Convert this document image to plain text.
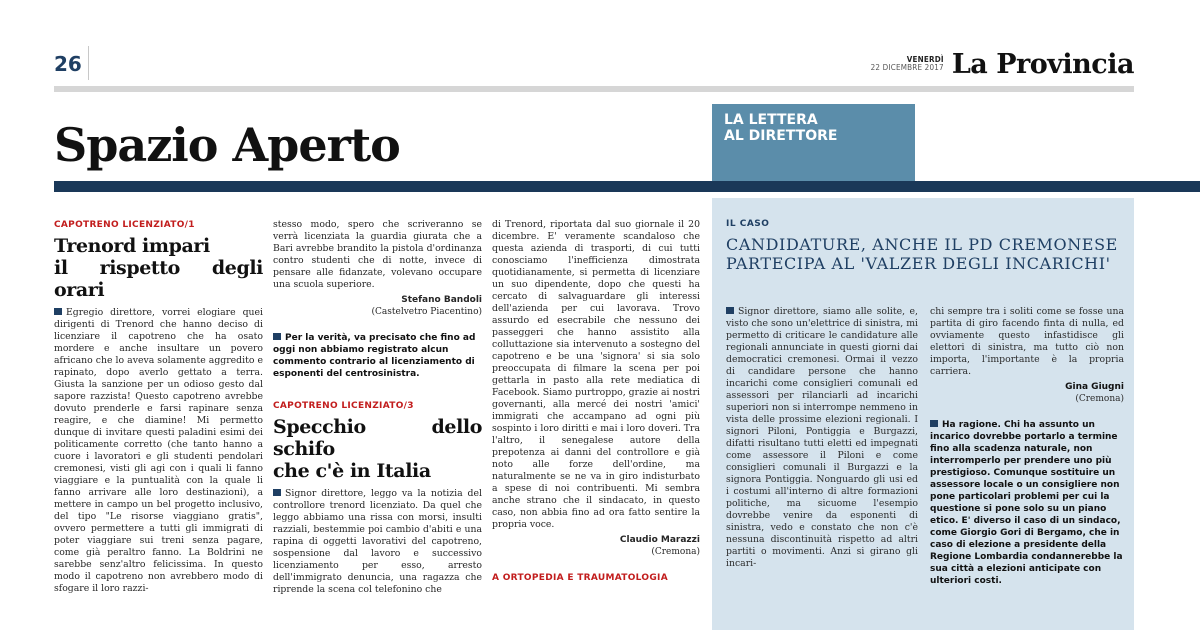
26	VENERDÌ
22 DICEMBRE 2017 La Provincia
Spazio Aperto	LA LETTERA
AL DIRETTORE
CAPOTRENO LICENZIATO/1
Trenord impari
il rispetto degli orari
Egregio direttore, vorrei elogiare quei dirigenti di Trenord che hanno deciso di licenziare il capotreno che ha osato mordere e anche insultare un povero africano che lo aveva solamente aggredito e rapinato, dopo averlo gettato a terra. Giusta la sanzione per un odioso gesto dal sapore razzista! Questo capotreno avrebbe dovuto prenderle e farsi rapinare senza reagire, e che diamine! Mi permetto dunque di invitare questi paladini esimi dei politicamente corretto (che tanto hanno a cuore i lavoratori e gli studenti pendolari cremonesi, visti gli agi con i quali li fanno viaggiare e la puntualità con la quale li fanno arrivare alle loro destinazioni), a mettere in campo un bel progetto inclusivo, del tipo "Le risorse viaggiano gratis", ovvero permettere a tutti gli immigrati di poter viaggiare sui treni senza pagare, come già peraltro fanno. La Boldrini ne sarebbe senz'altro felicissima. In questo modo il capotreno non avrebbero modo di sfogare il loro razzi-
stesso modo, spero che scriveranno se verrà licenziata la guardia giurata che a Bari avrebbe brandito la pistola d'ordinanza contro studenti che di notte, invece di pensare alle fidanzate, volevano occupare una scuola superiore.
Stefano Bandoli
(Castelvetro Piacentino)
Per la verità, va precisato che fino ad oggi non abbiamo registrato alcun commento contrario al licenziamento di esponenti del centrosinistra.
CAPOTRENO LICENZIATO/3
Specchio dello schifo
che c'è in Italia
Signor direttore, leggo va la notizia del controllore trenord licenziato. Da quel che leggo abbiamo una rissa con morsi, insulti razziali, bestemmie poi cambio d'abiti e una rapina di oggetti lavorativi del capotreno, sospensione dal lavoro e successivo licenziamento per esso, arresto dell'immigrato denuncia, una ragazza che riprende la scena col telefonino che
di Trenord, riportata dal suo giornale il 20 dicembre. E' veramente scandaloso che questa azienda di trasporti, di cui tutti conosciamo l'inefficienza dimostrata quotidianamente, si permetta di licenziare un suo dipendente, dopo che questi ha cercato di salvaguardare gli interessi dell'azienda per cui lavorava. Trovo assurdo ed esecrabile che nessuno dei passeggeri che hanno assistito alla colluttazione sia intervenuto a sostegno del capotreno e be una 'signora' si sia solo preoccupata di filmare la scena per poi gettarla in pasto alla rete mediatica di Facebook. Siamo purtroppo, grazie ai nostri governanti, alla mercé dei nostri 'amici' immigrati che accampano ad ogni più sospinto i loro diritti e mai i loro doveri. Tra l'altro, il senegalese autore della prepotenza ai danni del controllore e già noto alle forze dell'ordine, ma naturalmente se ne va in giro indisturbato a spese di noi contribuenti. Mi sembra anche strano che il sindacato, in questo caso, non abbia fino ad ora fatto sentire la propria voce.
Claudio Marazzi
(Cremona)
A ORTOPEDIA E TRAUMATOLOGIA
IL CASO
CANDIDATURE, ANCHE IL PD CREMONESE
PARTECIPA AL 'VALZER DEGLI INCARICHI'
Signor direttore, siamo alle solite, e, visto che sono un'elettrice di sinistra, mi permetto di criticare le candidature alle regionali annunciate in questi giorni dai democratici cremonesi. Ormai il vezzo di candidare persone che hanno incarichi come consiglieri comunali ed assessori per rilanciarli ad incarichi superiori non si interrompe nemmeno in vista delle prossime elezioni regionali. I signori Piloni, Pontiggia e Burgazzi, difatti risultano tutti eletti ed impegnati come assessore il Piloni e come consiglieri comunali il Burgazzi e la signora Pontiggia. Nonguardo gli usi ed i costumi all'interno di altre formazioni politiche, ma sicuome l'esempio dovrebbe venire da esponenti di sinistra, vedo e constato che non c'è nessuna discontinuità rispetto ad altri partiti o movimenti. Anzi si girano gli incari-
chi sempre tra i soliti come se fosse una partita di giro facendo finta di nulla, ed ovviamente questo infastidisce gli elettori di sinistra, ma tutto ciò non importa, l'importante è la propria carriera.
Gina Giugni
(Cremona)
Ha ragione. Chi ha assunto un incarico dovrebbe portarlo a termine fino alla scadenza naturale, non interromperlo per prendere uno più prestigioso. Comunque sostituire un assessore locale o un consigliere non pone particolari problemi per cui la questione si pone solo su un piano etico. E' diverso il caso di un sindaco, come Giorgio Gori di Bergamo, che in caso di elezione a presidente della Regione Lombardia condannerebbe la sua città a elezioni anticipate con ulteriori costi.
